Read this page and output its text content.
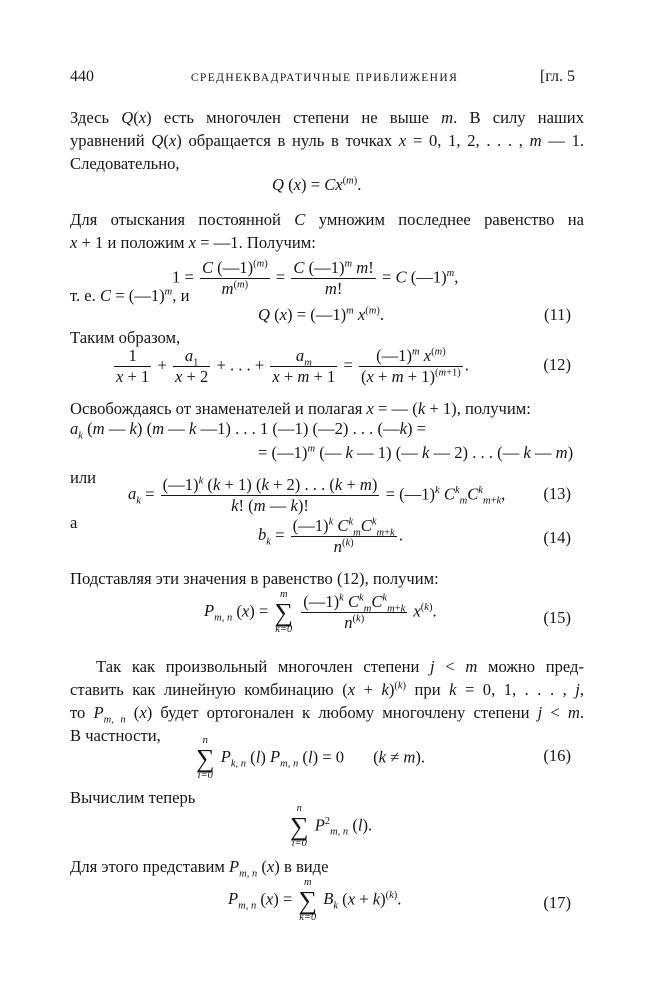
440	СРЕДНЕКВАДРАТИЧНЫЕ ПРИБЛИЖЕНИЯ	[гл. 5
Здесь Q(x) есть многочлен степени не выше m. В силу наших
уравнений Q(x) обращается в нуль в точках x = 0, 1, 2, . . . , m — 1.
Следовательно,
Q $(x) = Cx^{(m)}$.
Для отыскания постоянной C умножим последнее равенство на
x + 1 и положим x = —1. Получим:
$1 = \frac{C (—1)^{(m)}}{m^{(m)}} = \frac{C (—1)^m m!}{m!} = C$ (—1)$^m$,
т. е. C = (—1)$^m$, и
Q (x) = (—1)$^m$ $x^{(m)}$.	(11)
Таким образом,
$\frac{1}{x + 1} + \frac{a_1}{x + 2}$ + . . . + $\frac{a_m}{x + m + 1} = \frac{(—1)^m x^{(m)}}{(x + m + 1)^{(m+1)}}$ .	(12)
Освобождаясь от знаменателей и полагая x = — (k + 1), получим:
$a_k$ (m — k) (m — k —1) . . . 1 (—1) (—2) . . . (—k) =
= (—1)$^m$ (— k — 1) (— k — 2) . . . (— k — m)
или
$a_k = \frac{(—1)^k (k + 1) (k + 2) . . . (k + m)}{k! (m — k)!}$ = (—1)$^k$ $C^k_mC^k_{m+k}$, (13)
а
$b_k = \frac{(—1)^k C^k_mC^k_{m+k}}{n^{(k)}}$ .	(14)
Подставляя эти значения в равенство (12), получим:
$P_{m, n}$ (x) =
m
∑
k=0
$\frac{(—1)^k C^k_mC^k_{m+k}}{n^{(k)}} x^{(k)}$.	(15)
Так как произвольный многочлен степени j < m можно пред-
ставить как линейную комбинацию $(x + k)^{(k)}$ при k = 0, 1, . . . , j,
то $P_{m, n}$ (x) будет ортогонален к любому многочлену степени j < m.
В частности,	n
∑
i=0
$P_{k, n}$ (l) $P_{m, n}$ (l) = 0       (k ≠ m).	(16)
Вычислим теперь
n
∑
i=0
$P^2_{m, n}$ (l).
Для этого представим $P_{m, n}$ (x) в виде
$P_{m, n}$ (x) =
m
∑
k=0
$B_k$ $(x + k)^{(k)}$.	(17)
